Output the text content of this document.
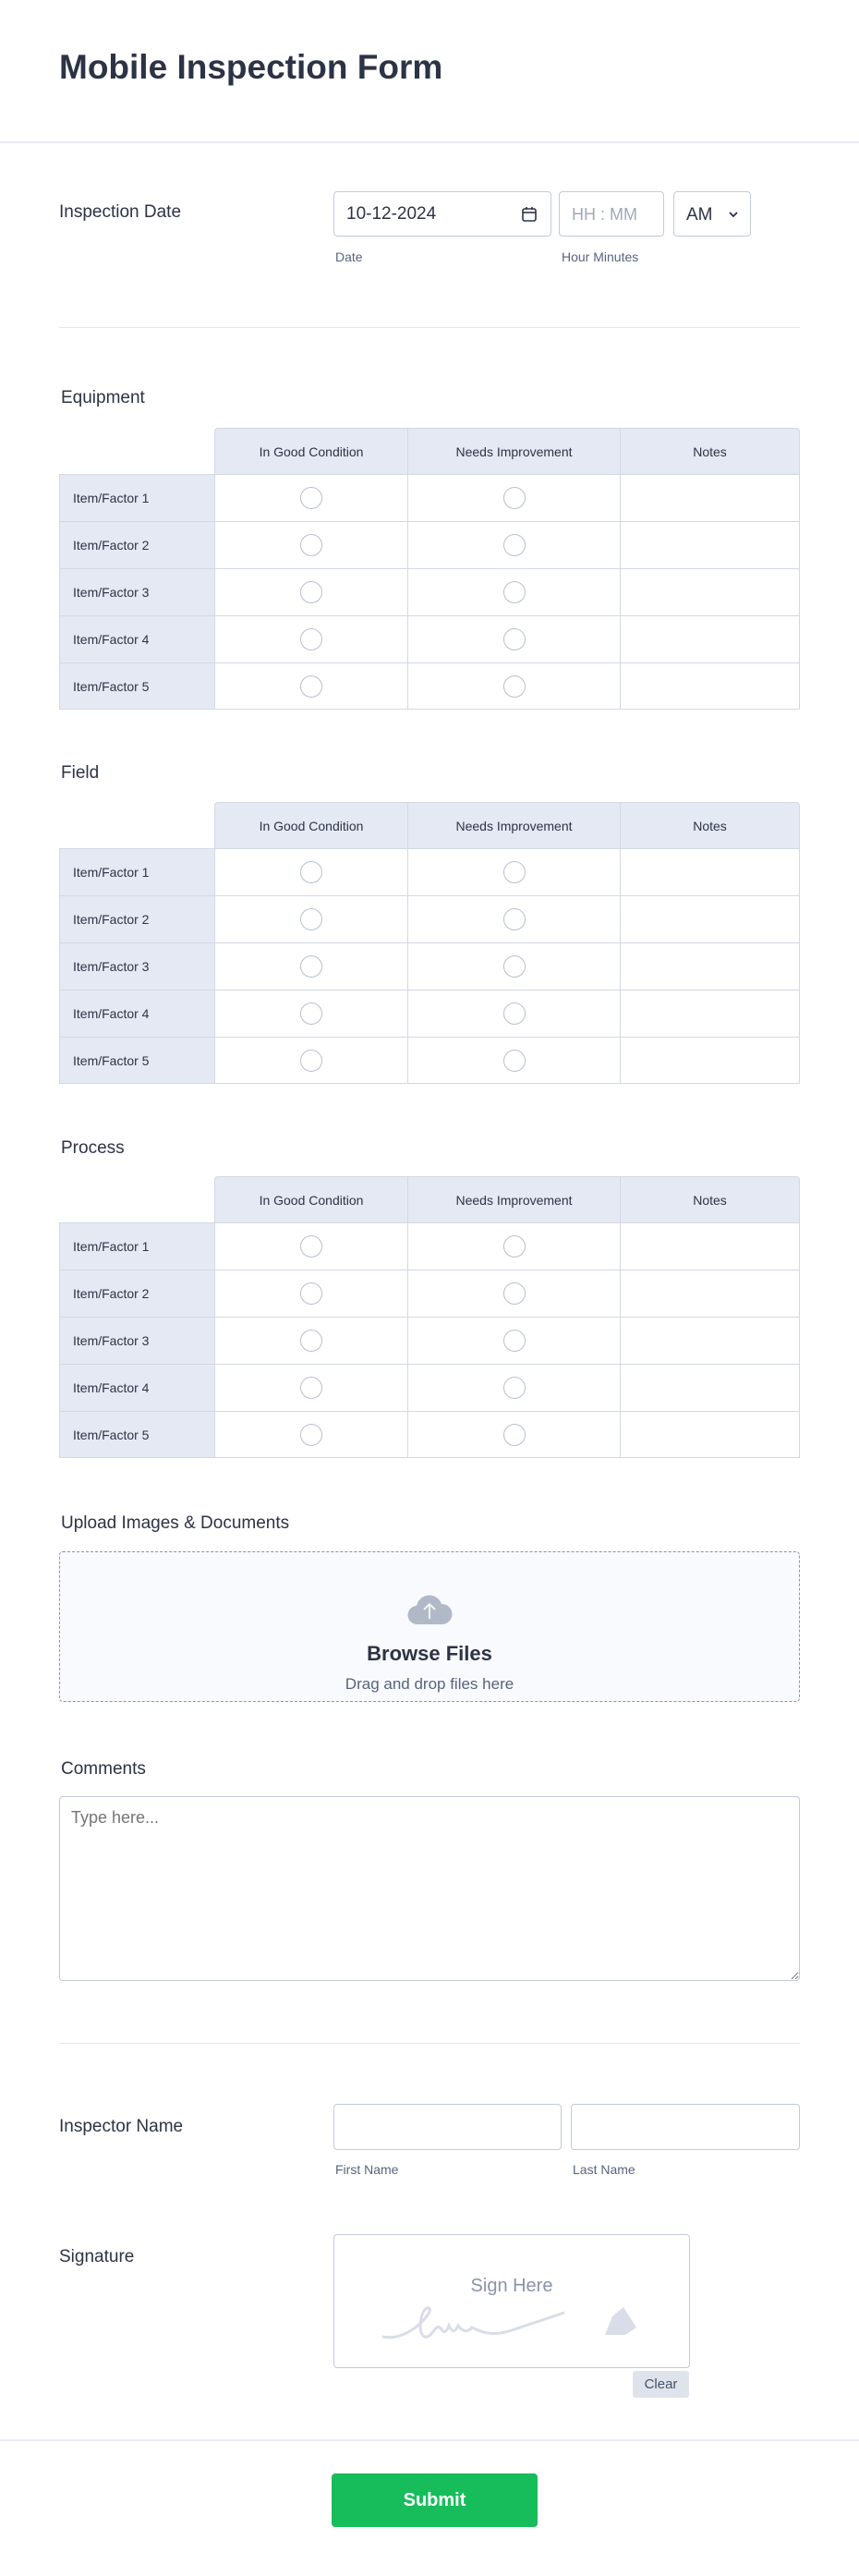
Mobile Inspection Form
Inspection Date	10-12-2024	HH : MM	AM
Date	Hour Minutes
Equipment
	In Good Condition	Needs Improvement	Notes
Item/Factor 1			
Item/Factor 2			
Item/Factor 3			
Item/Factor 4			
Item/Factor 5			
Field
	In Good Condition	Needs Improvement	Notes
Item/Factor 1			
Item/Factor 2			
Item/Factor 3			
Item/Factor 4			
Item/Factor 5			
Process
	In Good Condition	Needs Improvement	Notes
Item/Factor 1			
Item/Factor 2			
Item/Factor 3			
Item/Factor 4			
Item/Factor 5			
Upload Images & Documents
Browse Files
Drag and drop files here
Comments
Type here...
Inspector Name
First Name	Last Name
Signature
Sign Here
Clear
Submit
